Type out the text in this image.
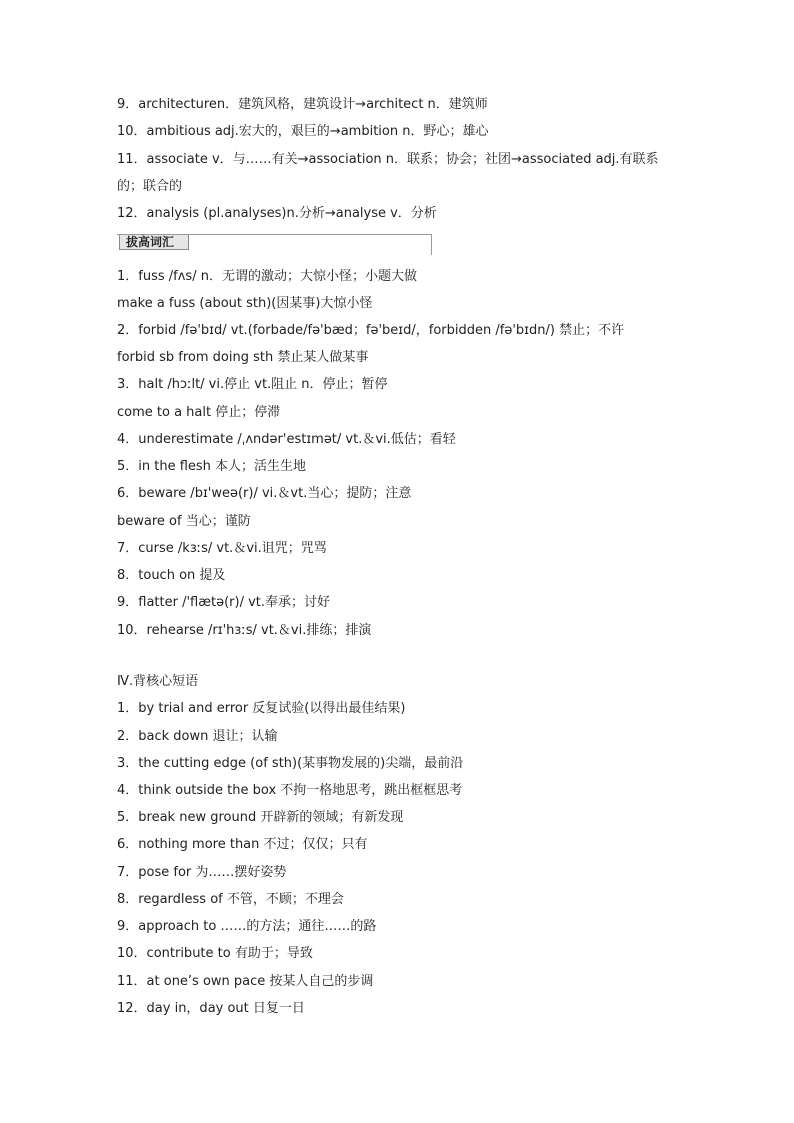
9．architecturen．建筑风格，建筑设计→architect n．建筑师
10．ambitious adj.宏大的，艰巨的→ambition n．野心；雄心
11．associate v．与……有关→association n．联系；协会；社团→associated adj.有联系的；联合的
12．analysis (pl.analyses)n.分析→analyse v．分析
拔高词汇
1．fuss /fʌs/ n．无谓的激动；大惊小怪；小题大做
make a fuss (about sth)(因某事)大惊小怪
2．forbid /fə'bɪd/ vt.(forbade/fə'bæd；fə'beɪd/，forbidden /fə'bɪdn/) 禁止；不许
forbid sb from doing sth 禁止某人做某事
3．halt /hɔːlt/ vi.停止 vt.阻止 n．停止；暂停
come to a halt 停止；停滞
4．underestimate /ˌʌndər'estɪmət/ vt.＆vi.低估；看轻
5．in the flesh 本人；活生生地
6．beware /bɪ'weə(r)/ vi.＆vt.当心；提防；注意
beware of 当心；谨防
7．curse /kɜːs/ vt.＆vi.诅咒；咒骂
8．touch on 提及
9．flatter /'flætə(r)/ vt.奉承；讨好
10．rehearse /rɪ'hɜːs/ vt.＆vi.排练；排演
Ⅳ.背核心短语
1．by trial and error 反复试验(以得出最佳结果)
2．back down 退让；认输
3．the cutting edge (of sth)(某事物发展的)尖端，最前沿
4．think outside the box 不拘一格地思考，跳出框框思考
5．break new ground 开辟新的领域；有新发现
6．nothing more than 不过；仅仅；只有
7．pose for 为……摆好姿势
8．regardless of 不管，不顾；不理会
9．approach to ……的方法；通往……的路
10．contribute to 有助于；导致
11．at one’s own pace 按某人自己的步调
12．day in，day out 日复一日
